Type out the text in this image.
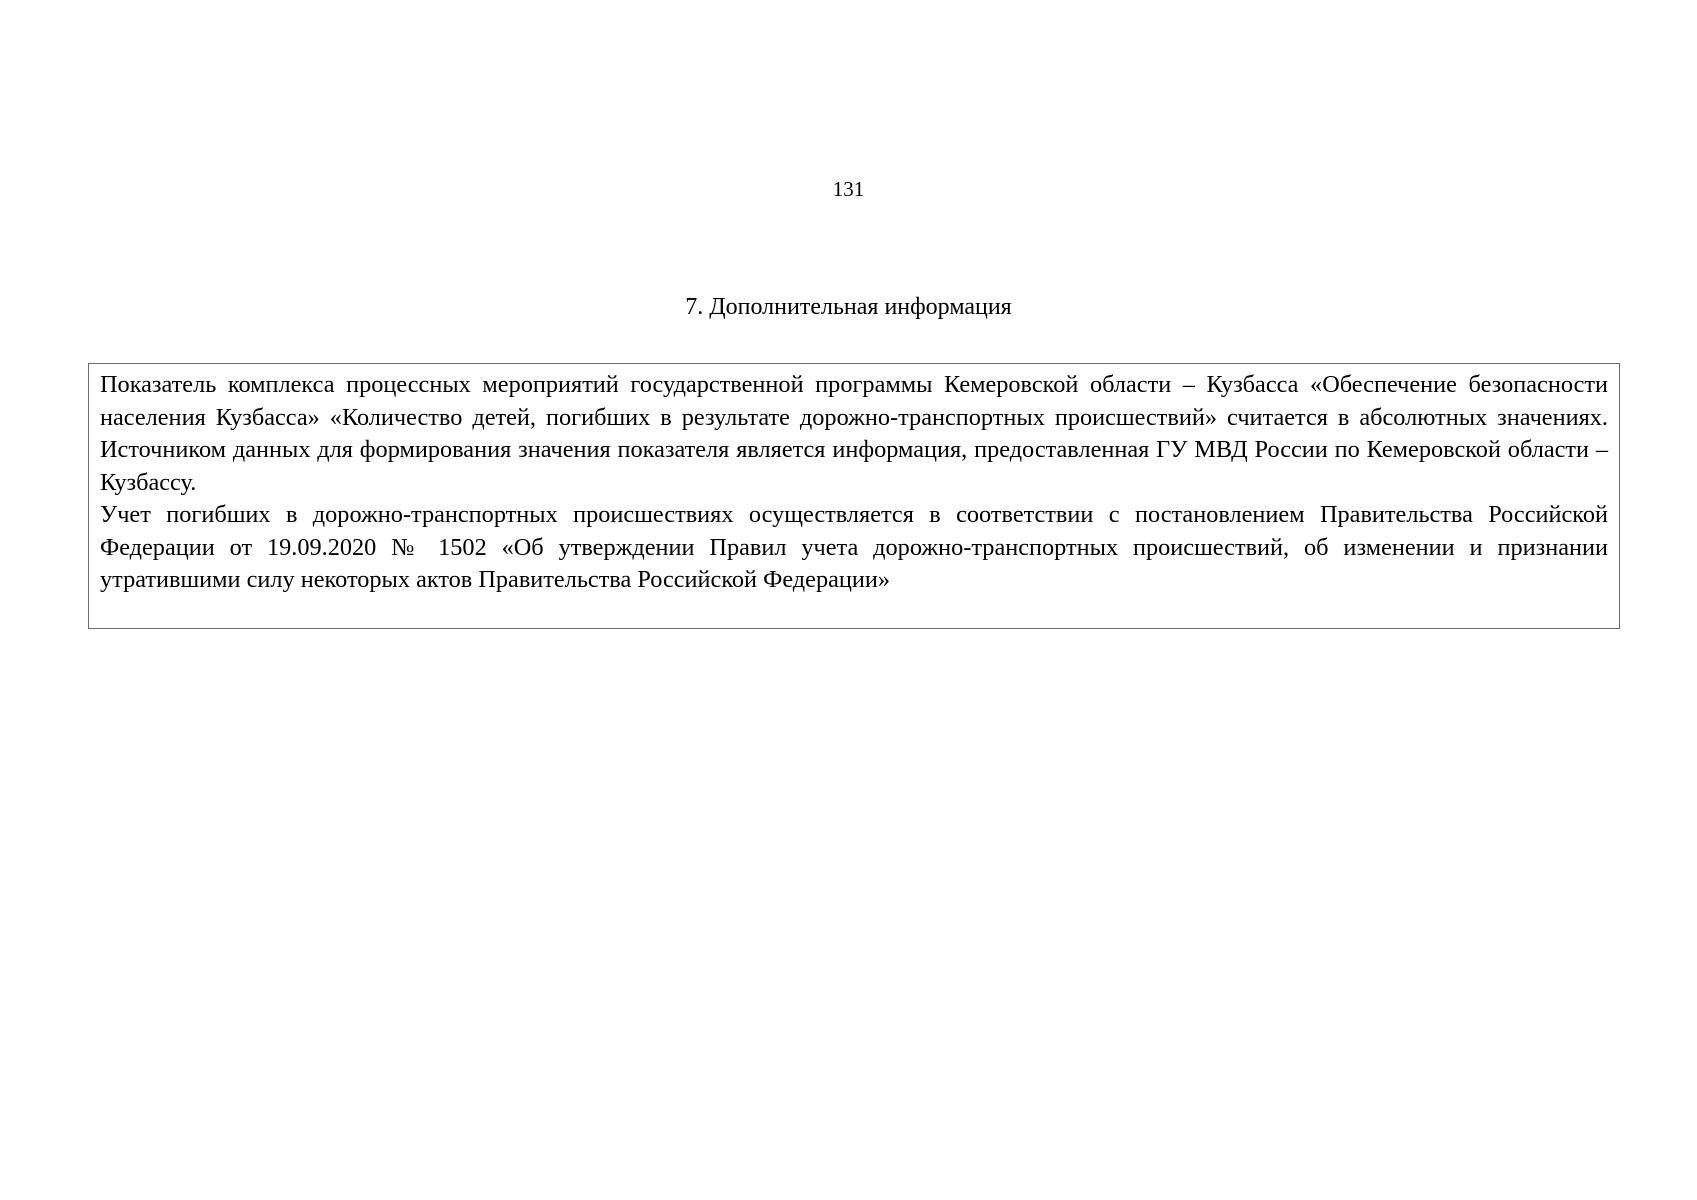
131
7. Дополнительная информация

Показатель комплекса процессных мероприятий государственной программы Кемеровской области – Кузбасса «Обеспечение безопасности населения Кузбасса» «Количество детей, погибших в результате дорожно-транспортных происшествий» считается в абсолютных значениях. Источником данных для формирования значения показателя является информация, предоставленная ГУ МВД России по Кемеровской области – Кузбассу.

Учет погибших в дорожно-транспортных происшествиях осуществляется в соответствии с постановлением Правительства Российской Федерации от 19.09.2020 № 1502 «Об утверждении Правил учета дорожно-транспортных происшествий, об изменении и признании утратившими силу некоторых актов Правительства Российской Федерации»
